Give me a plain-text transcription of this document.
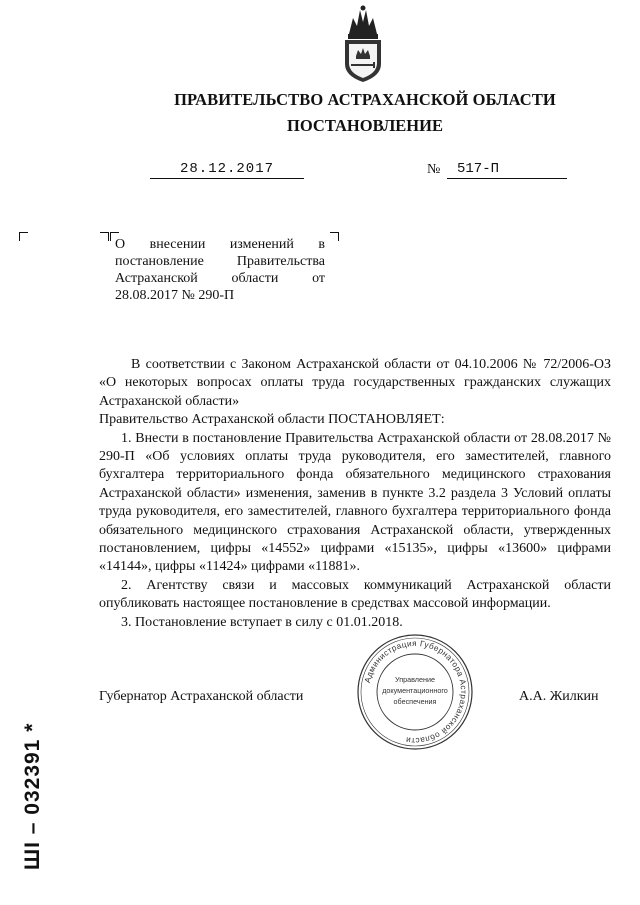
ПРАВИТЕЛЬСТВО АСТРАХАНСКОЙ ОБЛАСТИ
ПОСТАНОВЛЕНИЕ
28.12.2017	№	517-П
О внесении изменений в постановление Правительства Астраханской области от 28.08.2017 № 290-П

В соответствии с Законом Астраханской области от 04.10.2006 № 72/2006-ОЗ «О некоторых вопросах оплаты труда государственных гражданских служащих Астраханской области»

Правительство Астраханской области ПОСТАНОВЛЯЕТ:

1. Внести в постановление Правительства Астраханской области от 28.08.2017 № 290-П «Об условиях оплаты труда руководителя, его заместителей, главного бухгалтера территориального фонда обязательного медицинского страхования Астраханской области» изменения, заменив в пункте 3.2 раздела 3 Условий оплаты труда руководителя, его заместителей, главного бухгалтера территориального фонда обязательного медицинского страхования Астраханской области, утвержденных постановлением, цифры «14552» цифрами «15135», цифры «13600» цифрами «14144», цифры «11424» цифрами «11881».

2. Агентству связи и массовых коммуникаций Астраханской области опубликовать настоящее постановление в средствах массовой информации.

3. Постановление вступает в силу с 01.01.2018.

Администрация Губернатора Астраханской области
Управление
документационного
обеспечения
Губернатор Астраханской области	А.А. Жилкин
ШI – 032391 *
